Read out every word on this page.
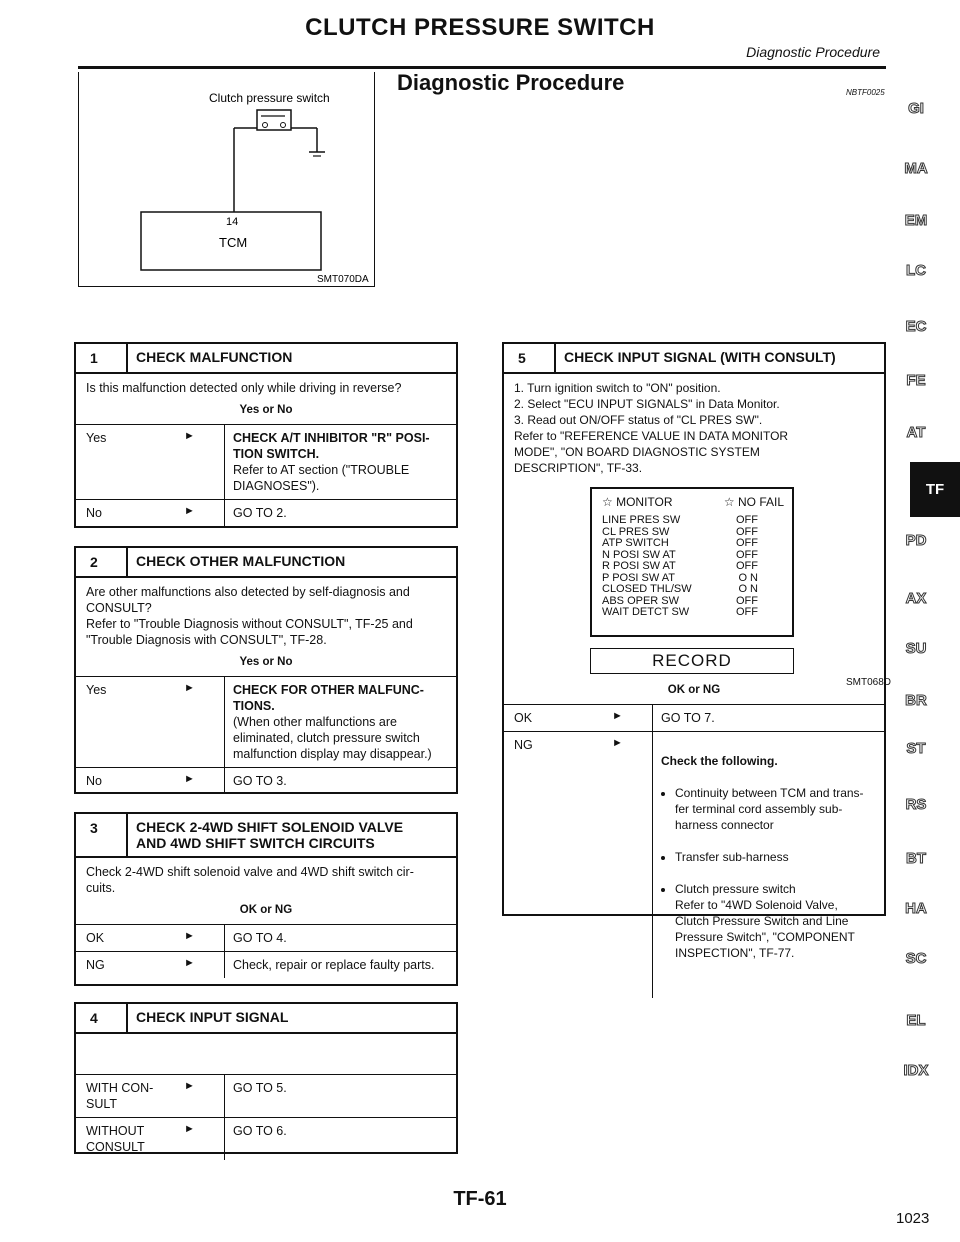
CLUTCH PRESSURE SWITCH
Diagnostic Procedure
Diagnostic Procedure	NBTF0025
Clutch pressure switch
14
TCM
SMT070DA
1	CHECK MALFUNCTION
Is this malfunction detected only while driving in reverse?
Yes or No
Yes	►	CHECK A/T INHIBITOR "R" POSI-
TION SWITCH.
Refer to AT section ("TROUBLE
DIAGNOSES").
No	►	GO TO 2.
2	CHECK OTHER MALFUNCTION
Are other malfunctions also detected by self-diagnosis and
CONSULT?
Refer to "Trouble Diagnosis without CONSULT", TF-25 and
"Trouble Diagnosis with CONSULT", TF-28.
Yes or No
Yes	►	CHECK FOR OTHER MALFUNC-
TIONS.
(When other malfunctions are
eliminated, clutch pressure switch
malfunction display may disappear.)
No	►	GO TO 3.
3	CHECK 2-4WD SHIFT SOLENOID VALVE
AND 4WD SHIFT SWITCH CIRCUITS
Check 2-4WD shift solenoid valve and 4WD shift switch cir-
cuits.
OK or NG
OK	►	GO TO 4.
NG	►	Check, repair or replace faulty parts.
4	CHECK INPUT SIGNAL
WITH CON-
SULT
►	GO TO 5.
WITHOUT
CONSULT
►	GO TO 6.
5	CHECK INPUT SIGNAL (WITH CONSULT)
1. Turn ignition switch to "ON" position.
2. Select "ECU INPUT SIGNALS" in Data Monitor.
3. Read out ON/OFF status of "CL PRES SW".
Refer to "REFERENCE VALUE IN DATA MONITOR
MODE", "ON BOARD DIAGNOSTIC SYSTEM
DESCRIPTION", TF-33.
OK or NG
OK	►	GO TO 7.
NG	►

Check the following.

• Continuity between TCM and trans-
fer terminal cord assembly sub-
harness connector

• Transfer sub-harness

• Clutch pressure switch
Refer to "4WD Solenoid Valve,
Clutch Pressure Switch and Line
Pressure Switch", "COMPONENT
INSPECTION", TF-77.

☆ MONITOR	☆ NO FAIL
LINE PRES SW	OFF
CL PRES SW	OFF
ATP SWITCH	OFF
N POSI SW AT	OFF
R POSI SW AT	OFF
P POSI SW AT	O N
CLOSED THL/SW	O N
ABS OPER SW	OFF
WAIT DETCT SW	OFF
RECORD
SMT068D
GI
MA
EM
LC
EC
FE
AT
TF
PD
AX
SU
BR
ST
RS
BT
HA
SC
EL
IDX
TF-61
1023
